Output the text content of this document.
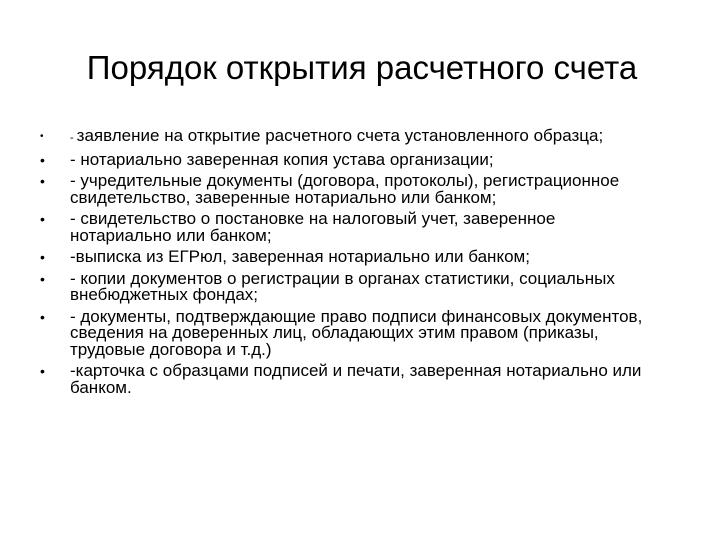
Порядок открытия расчетного счета
•	- заявление на открытие расчетного счета установленного образца;
•	- нотариально заверенная копия устава организации;
•	- учредительные документы (договора, протоколы), регистрационное свидетельство, заверенные нотариально или банком;
•	- свидетельство о постановке на налоговый учет, заверенное нотариально или банком;
•	-выписка из ЕГРюл, заверенная нотариально или банком;
•	- копии документов о регистрации в органах статистики, социальных внебюджетных фондах;
•	- документы, подтверждающие право подписи финансовых документов, сведения на доверенных лиц, обладающих этим правом (приказы, трудовые договора и т.д.)
•	-карточка с образцами подписей и печати, заверенная нотариально или банком.
